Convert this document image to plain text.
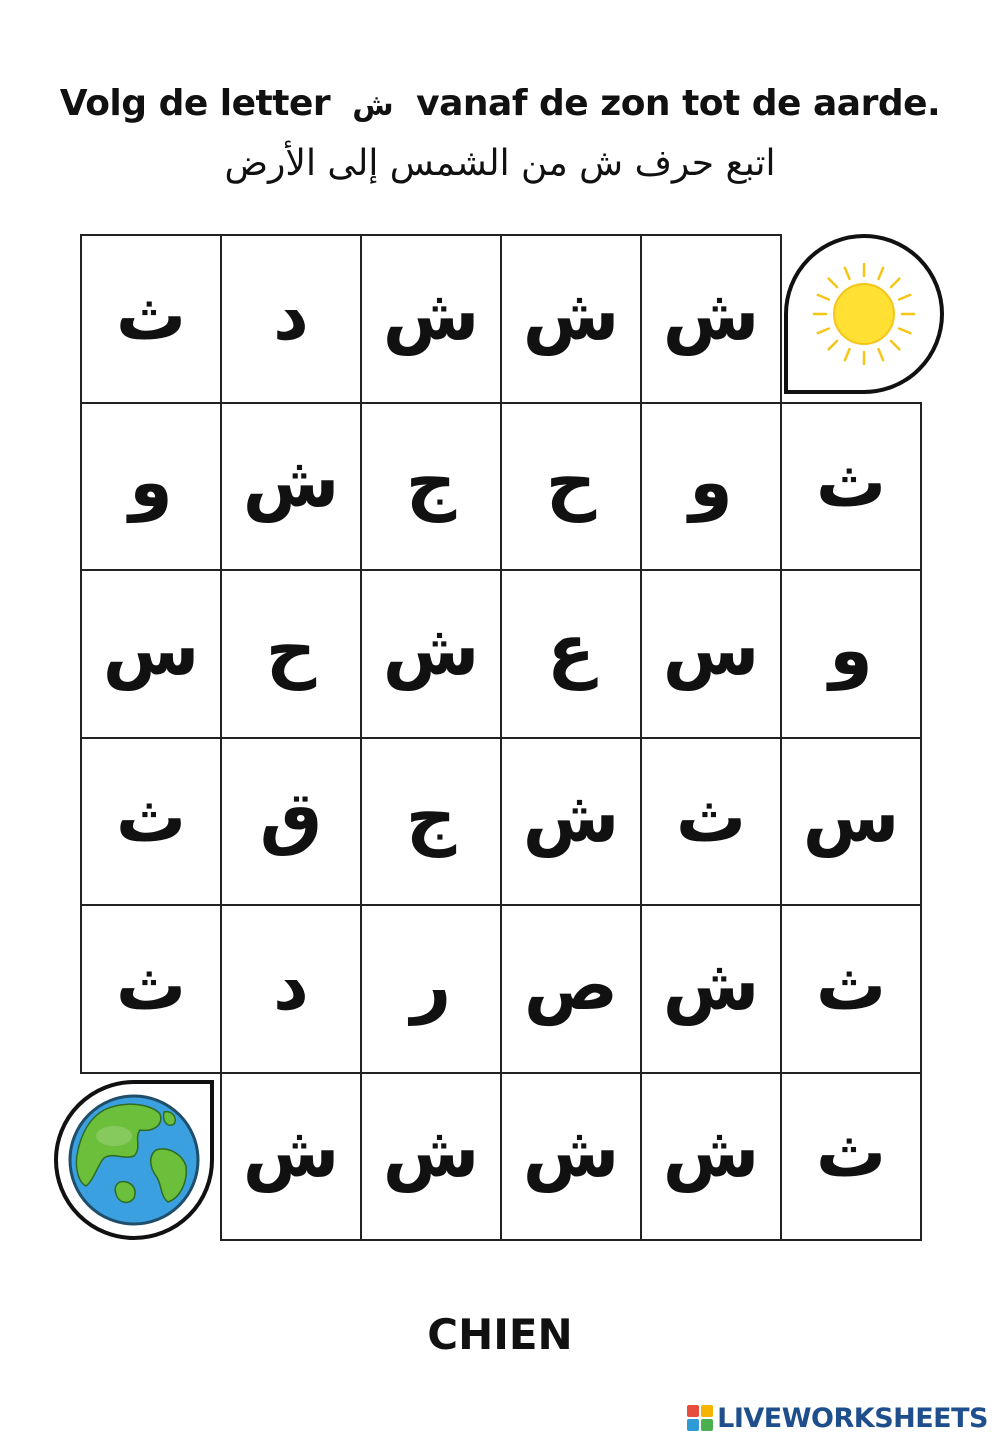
Volg de letter ش vanaf de zon tot de aarde.
اتبع حرف ش من الشمس إلى الأرض
ث د ش ش ش
و ش ج ح و ث
س ح ش ع س و
ث ق ج ش ث س
ث د ر ص ش ث
ش ش ش ش ث
CHIEN
LIVEWORKSHEETS
